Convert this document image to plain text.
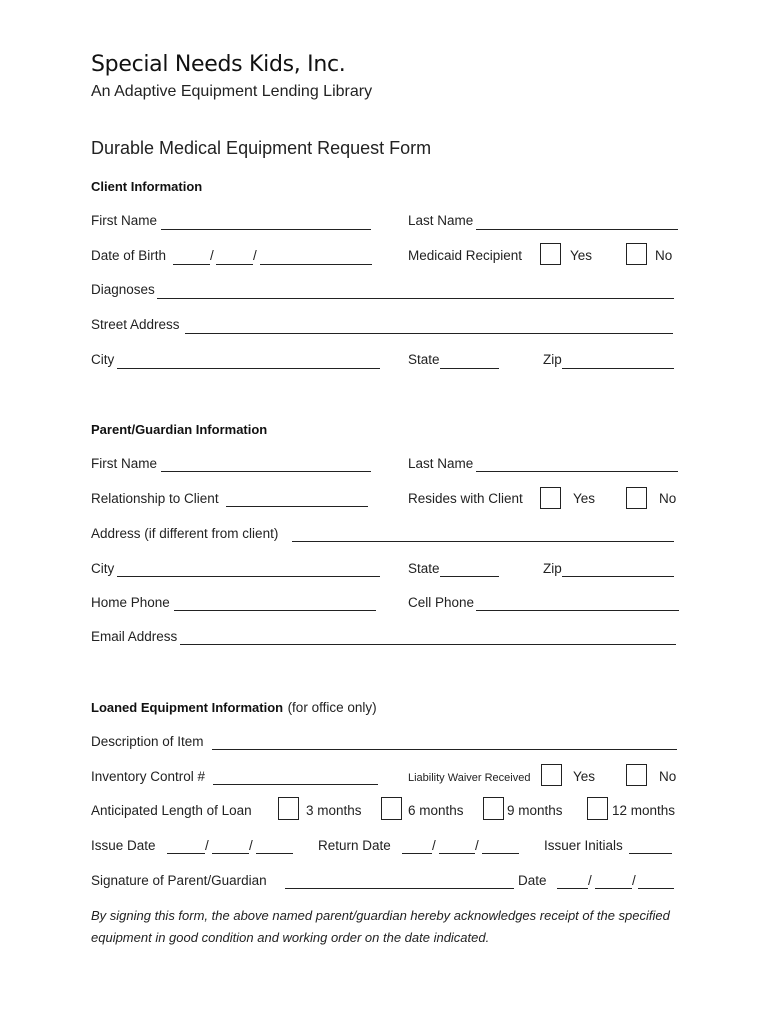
Special Needs Kids, Inc.
An Adaptive Equipment Lending Library
Durable Medical Equipment Request Form
Client Information
First Name	Last Name
Date of Birth	/	/	Medicaid Recipient	Yes	No
Diagnoses
Street Address
City	State	Zip
Parent/Guardian Information
First Name	Last Name
Relationship to Client	Resides with Client	Yes	No
Address (if different from client)
City	State	Zip
Home Phone	Cell Phone
Email Address
Loaned Equipment Information (for office only)
Description of Item
Inventory Control #	Liability Waiver Received	Yes	No
Anticipated Length of Loan	3 months	6 months	9 months	12 months
Issue Date	/	/	Return Date	/	/	Issuer Initials
Signature of Parent/Guardian	Date	/	/
By signing this form, the above named parent/guardian hereby acknowledges receipt of the specified equipment in good condition and working order on the date indicated.
